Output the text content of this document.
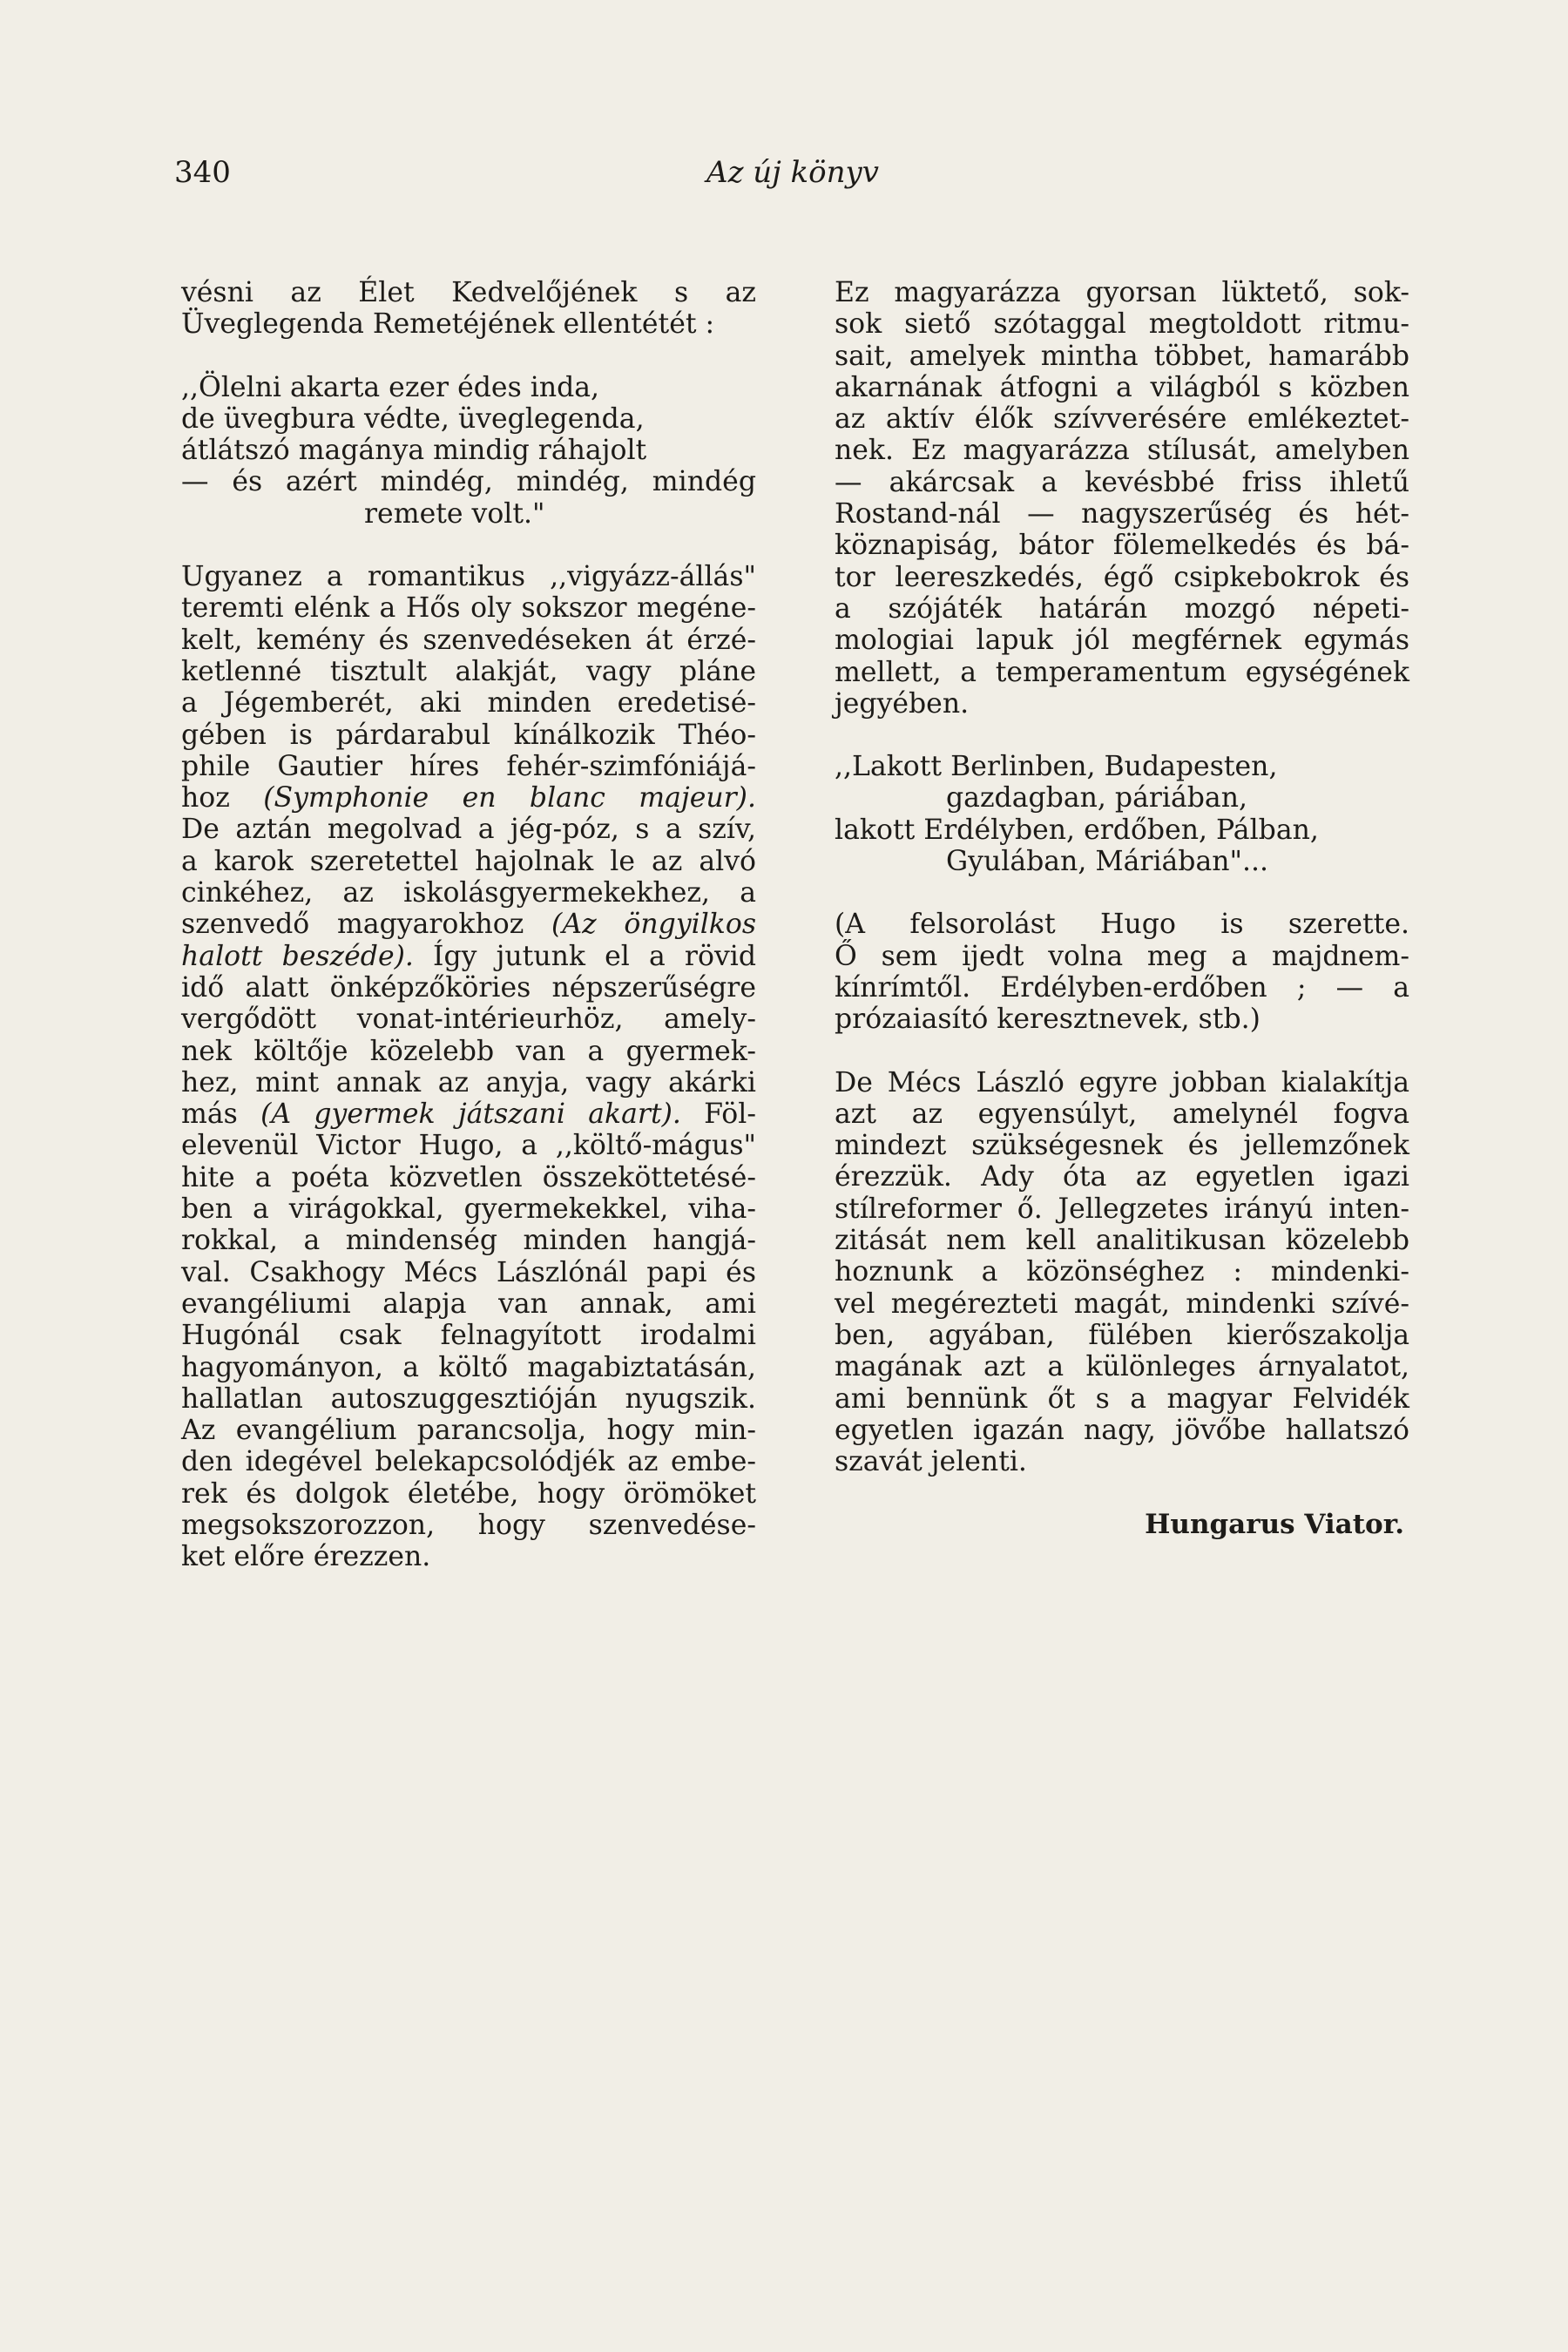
340	Az új könyv
vésni az Élet Kedvelőjének s az
Üveglegenda Remetéjének ellentétét :
,,Ölelni akarta ezer édes inda,
de üvegbura védte, üveglegenda,
átlátszó magánya mindig ráhajolt
— és azért mindég, mindég, mindég
remete volt."
Ugyanez a romantikus ,,vigyázz-állás"
teremti elénk a Hős oly sokszor megéne-
kelt, kemény és szenvedéseken át érzé-
ketlenné tisztult alakját, vagy pláne
a Jégemberét, aki minden eredetisé-
gében is párdarabul kínálkozik Théo-
phile Gautier híres fehér-szimfóniájá-
hoz (Symphonie en blanc majeur).
De aztán megolvad a jég-póz, s a szív,
a karok szeretettel hajolnak le az alvó
cinkéhez, az iskolásgyermekekhez, a
szenvedő magyarokhoz (Az öngyilkos
halott beszéde). Így jutunk el a rövid
idő alatt önképzőköries népszerűségre
vergődött vonat-intérieurhöz, amely-
nek költője közelebb van a gyermek-
hez, mint annak az anyja, vagy akárki
más (A gyermek játszani akart). Föl-
elevenül Victor Hugo, a ,,költő-mágus"
hite a poéta közvetlen összeköttetésé-
ben a virágokkal, gyermekekkel, viha-
rokkal, a mindenség minden hangjá-
val. Csakhogy Mécs Lászlónál papi és
evangéliumi alapja van annak, ami
Hugónál csak felnagyított irodalmi
hagyományon, a költő magabiztatásán,
hallatlan autoszuggesztióján nyugszik.
Az evangélium parancsolja, hogy min-
den idegével belekapcsolódjék az embe-
rek és dolgok életébe, hogy örömöket
megsokszorozzon, hogy szenvedése-
ket előre érezzen.
Ez magyarázza gyorsan lüktető, sok-
sok siető szótaggal megtoldott ritmu-
sait, amelyek mintha többet, hamarább
akarnának átfogni a világból s közben
az aktív élők szívverésére emlékeztet-
nek. Ez magyarázza stílusát, amelyben
— akárcsak a kevésbbé friss ihletű
Rostand-nál — nagyszerűség és hét-
köznapiság, bátor fölemelkedés és bá-
tor leereszkedés, égő csipkebokrok és
a szójáték határán mozgó népeti-
mologiai lapuk jól megférnek egymás
mellett, a temperamentum egységének
jegyében.
,,Lakott Berlinben, Budapesten,
gazdagban, páriában,
lakott Erdélyben, erdőben, Pálban,
Gyulában, Máriában"...
(A felsorolást Hugo is szerette.
Ő sem ijedt volna meg a majdnem-
kínrímtől. Erdélyben-erdőben ; — a
prózaiasító keresztnevek, stb.)
De Mécs László egyre jobban kialakítja
azt az egyensúlyt, amelynél fogva
mindezt szükségesnek és jellemzőnek
érezzük. Ady óta az egyetlen igazi
stílreformer ő. Jellegzetes irányú inten-
zitását nem kell analitikusan közelebb
hoznunk a közönséghez : mindenki-
vel megérezteti magát, mindenki szívé-
ben, agyában, fülében kierőszakolja
magának azt a különleges árnyalatot,
ami bennünk őt s a magyar Felvidék
egyetlen igazán nagy, jövőbe hallatszó
szavát jelenti.
Hungarus Viator.
